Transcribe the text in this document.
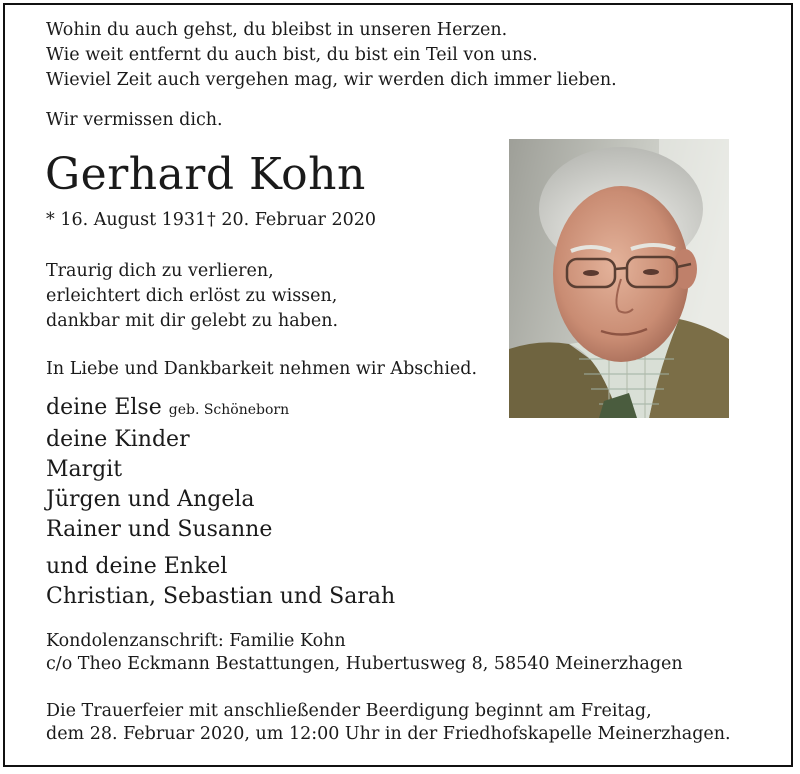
Wohin du auch gehst, du bleibst in unseren Herzen.
Wie weit entfernt du auch bist, du bist ein Teil von uns.
Wieviel Zeit auch vergehen mag, wir werden dich immer lieben.
Wir vermissen dich.
Gerhard Kohn
* 16. August 1931 † 20. Februar 2020
Traurig dich zu verlieren,
erleichtert dich erlöst zu wissen,
dankbar mit dir gelebt zu haben.
In Liebe und Dankbarkeit nehmen wir Abschied.
deine Else geb. Schöneborn
deine Kinder
Margit
Jürgen und Angela
Rainer und Susanne
und deine Enkel
Christian, Sebastian und Sarah
Kondolenzanschrift: Familie Kohn
c/o Theo Eckmann Bestattungen, Hubertusweg 8, 58540 Meinerzhagen
Die Trauerfeier mit anschließender Beerdigung beginnt am Freitag,
dem 28. Februar 2020, um 12:00 Uhr in der Friedhofskapelle Meinerzhagen.
